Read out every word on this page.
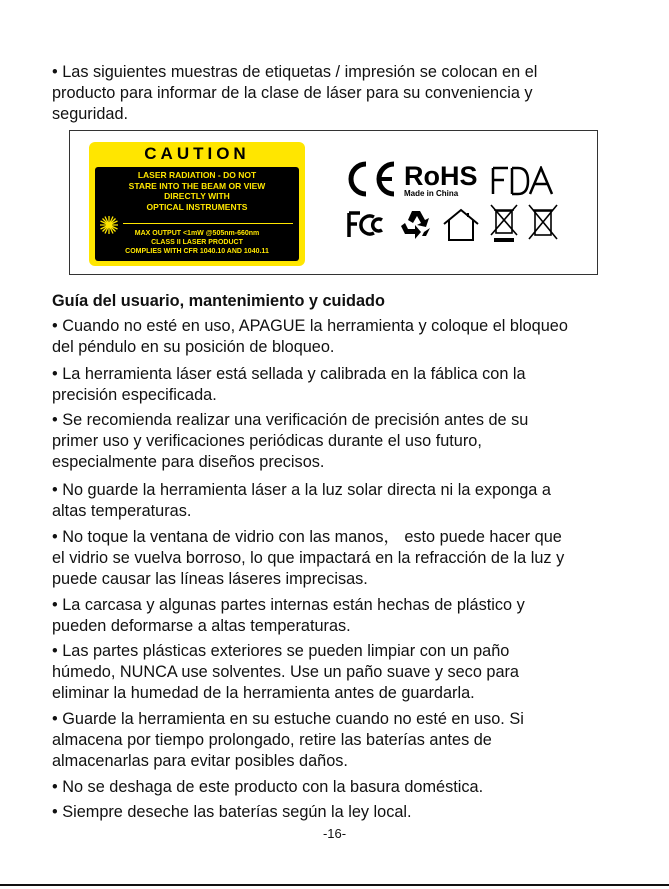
• Las siguientes muestras de etiquetas / impresión se colocan en el
producto para informar de la clase de láser para su conveniencia y
seguridad.
CAUTION
LASER RADIATION - DO NOT
STARE INTO THE BEAM OR VIEW
DIRECTLY WITH
OPTICAL INSTRUMENTS
MAX OUTPUT <1mW @505nm-660nm
CLASS II LASER PRODUCT
COMPLIES WITH CFR 1040.10 AND 1040.11
RoHS
Made in China
Guía del usuario, mantenimiento y cuidado
• Cuando no esté en uso, APAGUE la herramienta y coloque el bloqueo
del péndulo en su posición de bloqueo.
• La herramienta láser está sellada y calibrada en la fáblica con la
precisión especificada.
• Se recomienda realizar una verificación de precisión antes de su
primer uso y verificaciones periódicas durante el uso futuro,
especialmente para diseños precisos.
• No guarde la herramienta láser a la luz solar directa ni la exponga a
altas temperaturas.
• No toque la ventana de vidrio con las manos， esto puede hacer que
el vidrio se vuelva borroso, lo que impactará en la refracción de la luz y
puede causar las líneas láseres imprecisas.
• La carcasa y algunas partes internas están hechas de plástico y
pueden deformarse a altas temperaturas.
• Las partes plásticas exteriores se pueden limpiar con un paño
húmedo, NUNCA use solventes. Use un paño suave y seco para
eliminar la humedad de la herramienta antes de guardarla.
• Guarde la herramienta en su estuche cuando no esté en uso. Si
almacena por tiempo prolongado, retire las baterías antes de
almacenarlas para evitar posibles daños.
• No se deshaga de este producto con la basura doméstica.
• Siempre deseche las baterías según la ley local.
-16-
